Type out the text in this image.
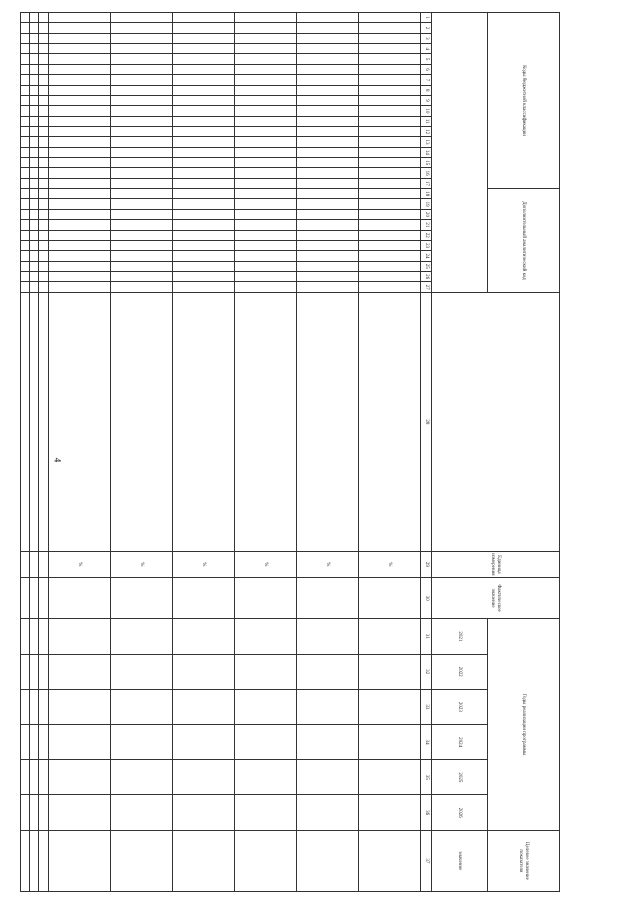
4
Коды бюджетной классификации																	Дополнительный аналитический код											Единица измерения	Фактическое значение	Годы реализации программы						Целевое значение показателя
																														2021	2022	2023	2024	2025	2026	значение
1	2	3	4	5	6	7	8	9	10	11	12	13	14	15	16	17	18	19	20	21	22	23	24	25	26	27	28	29	30	31	32	33	34	35	36	37
																												%								
																												%								
																												%								
																												%								
																												%								
																												%								
